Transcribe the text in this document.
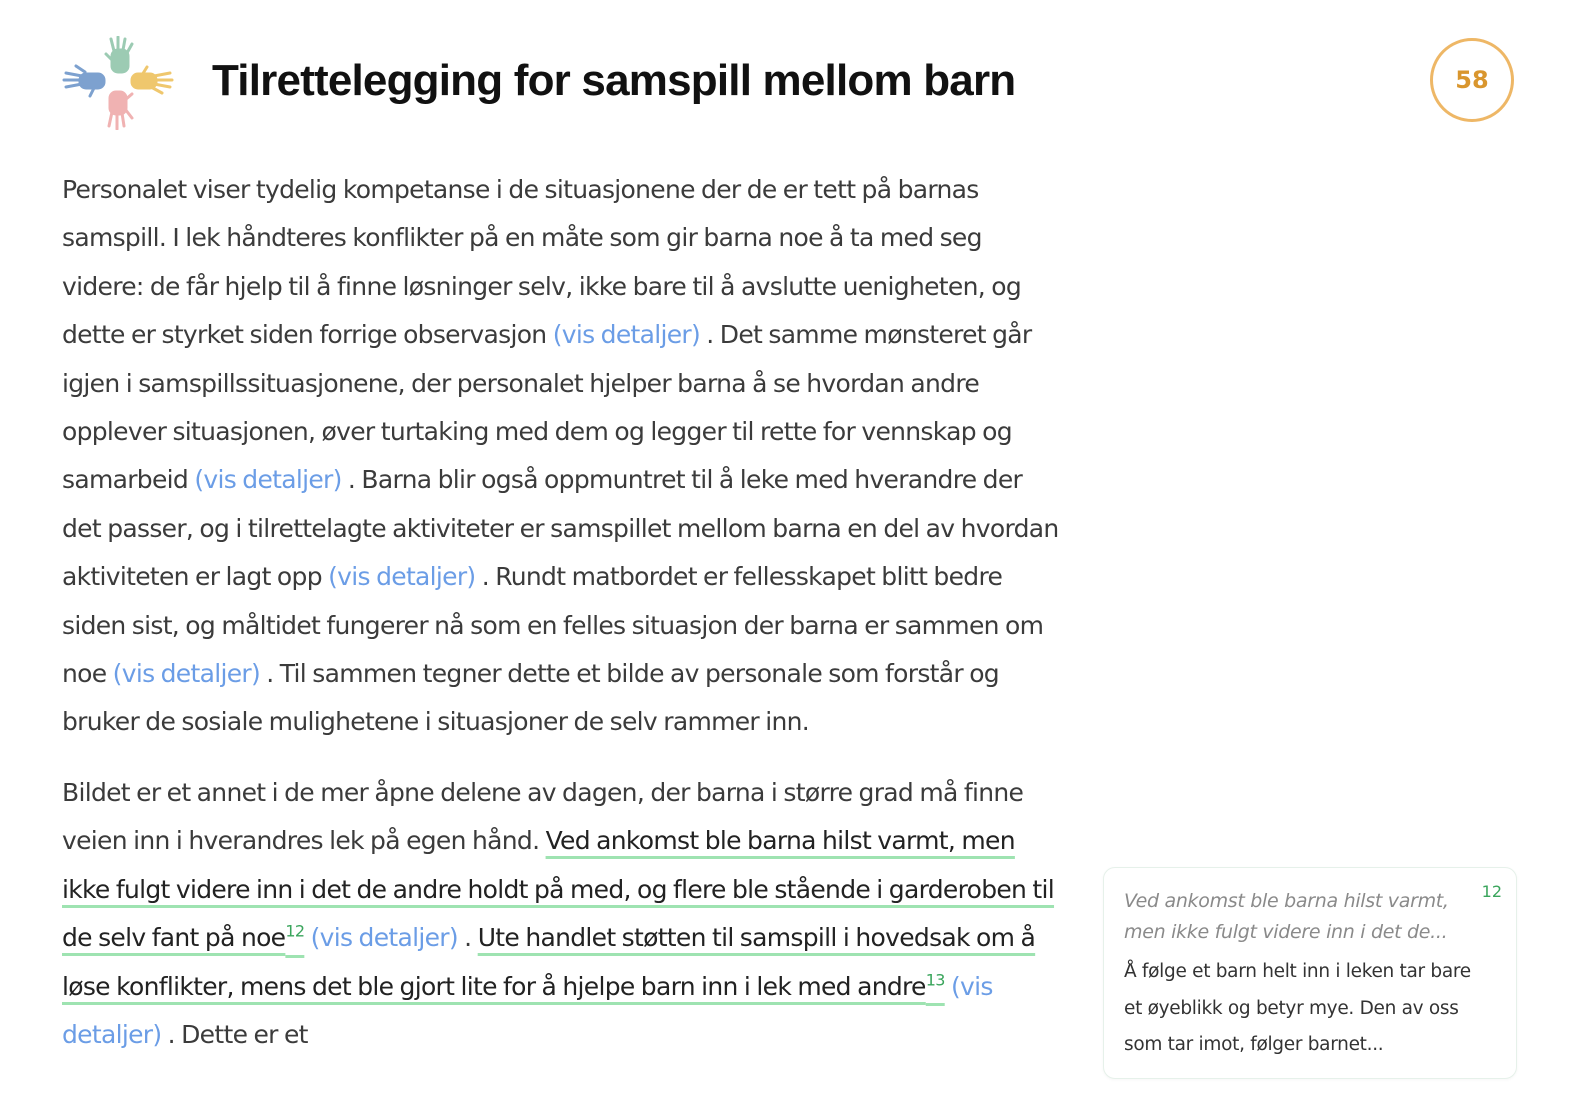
Tilrettelegging for samspill mellom barn	58

Personalet viser tydelig kompetanse i de situasjonene der de er tett på barnas samspill. I lek håndteres konflikter på en måte som gir barna noe å ta med seg videre: de får hjelp til å finne løsninger selv, ikke bare til å avslutte uenigheten, og dette er styrket siden forrige observasjon (vis detaljer) . Det samme mønsteret går igjen i samspillssituasjonene, der personalet hjelper barna å se hvordan andre opplever situasjonen, øver turtaking med dem og legger til rette for vennskap og samarbeid (vis detaljer) . Barna blir også oppmuntret til å leke med hverandre der det passer, og i tilrettelagte aktiviteter er samspillet mellom barna en del av hvordan aktiviteten er lagt opp (vis detaljer) . Rundt matbordet er fellesskapet blitt bedre siden sist, og måltidet fungerer nå som en felles situasjon der barna er sammen om noe (vis detaljer) . Til sammen tegner dette et bilde av personale som forstår og bruker de sosiale mulighetene i situasjoner de selv rammer inn.

Bildet er et annet i de mer åpne delene av dagen, der barna i større grad må finne veien inn i hverandres lek på egen hånd. Ved ankomst ble barna hilst varmt, men ikke fulgt videre inn i det de andre holdt på med, og flere ble stående i garderoben til de selv fant på noe$^{12}$ (vis detaljer) . Ute handlet støtten til samspill i hovedsak om å løse konflikter, mens det ble gjort lite for å hjelpe barn inn i lek med andre$^{13}$ (vis detaljer) . Dette er et

Ved ankomst ble barna hilst varmt, men ikke fulgt videre inn i det de...
12
Å følge et barn helt inn i leken tar bare et øyeblikk og betyr mye. Den av oss som tar imot, følger barnet...
